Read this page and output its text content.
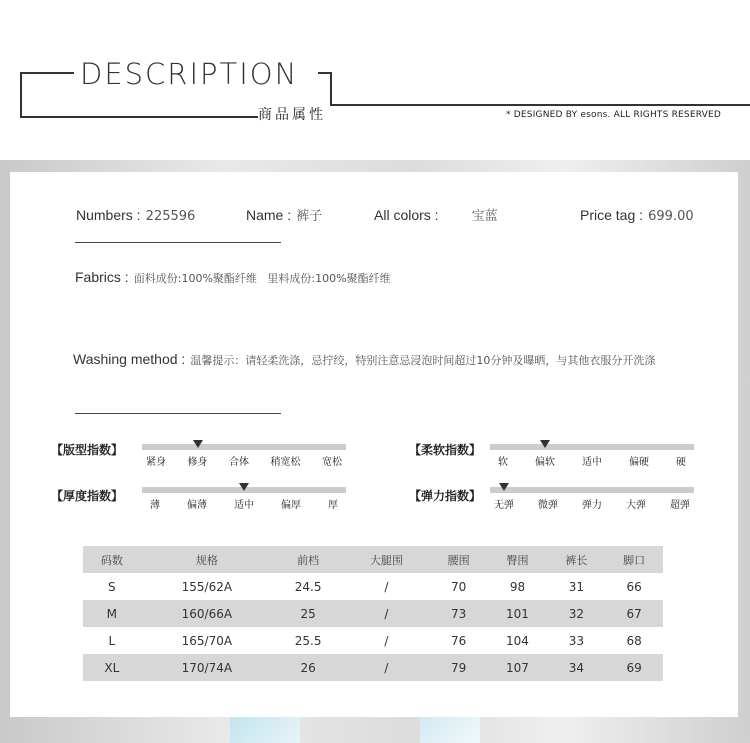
DESCRIPTION
商品属性	* DESIGNED BY esons. ALL RIGHTS RESERVED
Numbers : 225596	Name : 裤子	All colors :	宝蓝	Price tag : 699.00
Fabrics : 面料成份:100%聚酯纤维   里料成份:100%聚酯纤维
Washing method : 温馨提示：请轻柔洗涤，忌拧绞，特别注意忌浸泡时间超过10分钟及曝晒，与其他衣服分开洗涤
【版型指数】
紧身 修身 合体 稍宽松 宽松
【厚度指数】
薄	偏薄	适中	偏厚	厚
【柔软指数】
软	偏软	适中	偏硬	硬
【弹力指数】
无弹 微弹 弹力 大弹 超弹
码数	规格	前档	大腿围	腰围	臀围	裤长	脚口
S	155/62A	24.5	/	70	98	31	66
M	160/66A	25	/	73	101	32	67
L	165/70A	25.5	/	76	104	33	68
XL	170/74A	26	/	79	107	34	69
